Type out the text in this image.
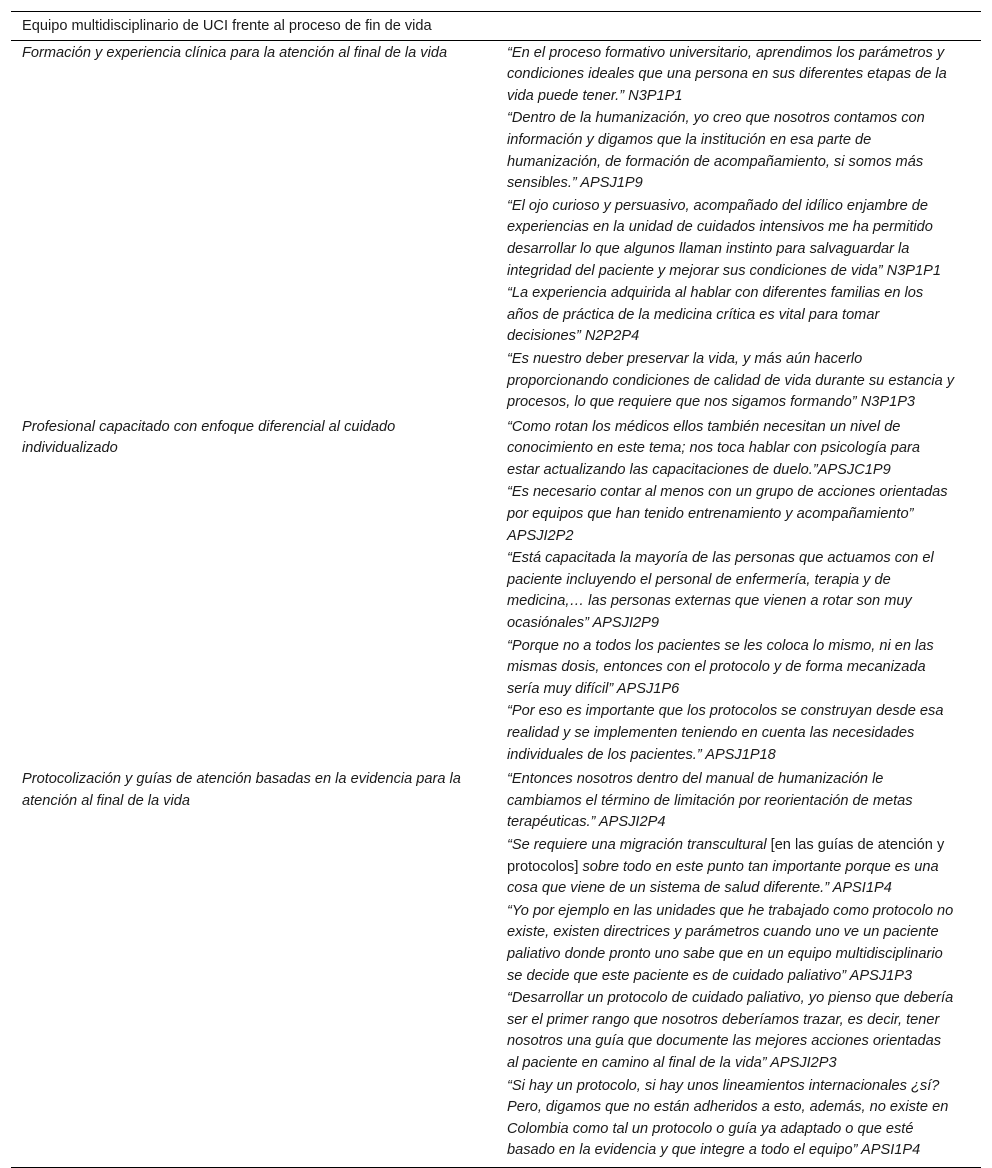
Equipo multidisciplinario de UCI frente al proceso de fin de vida	
Formación y experiencia clínica para la atención al final de la vida	“En el proceso formativo universitario, aprendimos los parámetros y condiciones ideales que una persona en sus diferentes etapas de la vida puede tener.” N3P1P1
“Dentro de la humanización, yo creo que nosotros contamos con información y digamos que la institución en esa parte de humanización, de formación de acompañamiento, si somos más sensibles.” APSJ1P9
“El ojo curioso y persuasivo, acompañado del idílico enjambre de experiencias en la unidad de cuidados intensivos me ha permitido desarrollar lo que algunos llaman instinto para salvaguardar la integridad del paciente y mejorar sus condiciones de vida” N3P1P1
“La experiencia adquirida al hablar con diferentes familias en los años de práctica de la medicina crítica es vital para tomar decisiones” N2P2P4
“Es nuestro deber preservar la vida, y más aún hacerlo proporcionando condiciones de calidad de vida durante su estancia y procesos, lo que requiere que nos sigamos formando” N3P1P3

Profesional capacitado con enfoque diferencial al cuidado individualizado	“Como rotan los médicos ellos también necesitan un nivel de conocimiento en este tema; nos toca hablar con psicología para estar actualizando las capacitaciones de duelo.”APSJC1P9
“Es necesario contar al menos con un grupo de acciones orientadas por equipos que han tenido entrenamiento y acompañamiento” APSJI2P2
“Está capacitada la mayoría de las personas que actuamos con el paciente incluyendo el personal de enfermería, terapia y de medicina,… las personas externas que vienen a rotar son muy ocasiónales” APSJI2P9
“Porque no a todos los pacientes se les coloca lo mismo, ni en las mismas dosis, entonces con el protocolo y de forma mecanizada sería muy difícil” APSJ1P6
“Por eso es importante que los protocolos se construyan desde esa realidad y se implementen teniendo en cuenta las necesidades individuales de los pacientes.” APSJ1P18

Protocolización y guías de atención basadas en la evidencia para la atención al final de la vida	“Entonces nosotros dentro del manual de humanización le cambiamos el término de limitación por reorientación de metas terapéuticas.” APSJI2P4
“Se requiere una migración transcultural [en las guías de atención y protocolos] sobre todo en este punto tan importante porque es una cosa que viene de un sistema de salud diferente.” APSI1P4
“Yo por ejemplo en las unidades que he trabajado como protocolo no existe, existen directrices y parámetros cuando uno ve un paciente paliativo donde pronto uno sabe que en un equipo multidisciplinario se decide que este paciente es de cuidado paliativo” APSJ1P3
“Desarrollar un protocolo de cuidado paliativo, yo pienso que debería ser el primer rango que nosotros deberíamos trazar, es decir, tener nosotros una guía que documente las mejores acciones orientadas al paciente en camino al final de la vida” APSJI2P3
“Si hay un protocolo, si hay unos lineamientos internacionales ¿sí? Pero, digamos que no están adheridos a esto, además, no existe en Colombia como tal un protocolo o guía ya adaptado o que esté basado en la evidencia y que integre a todo el equipo” APSI1P4
